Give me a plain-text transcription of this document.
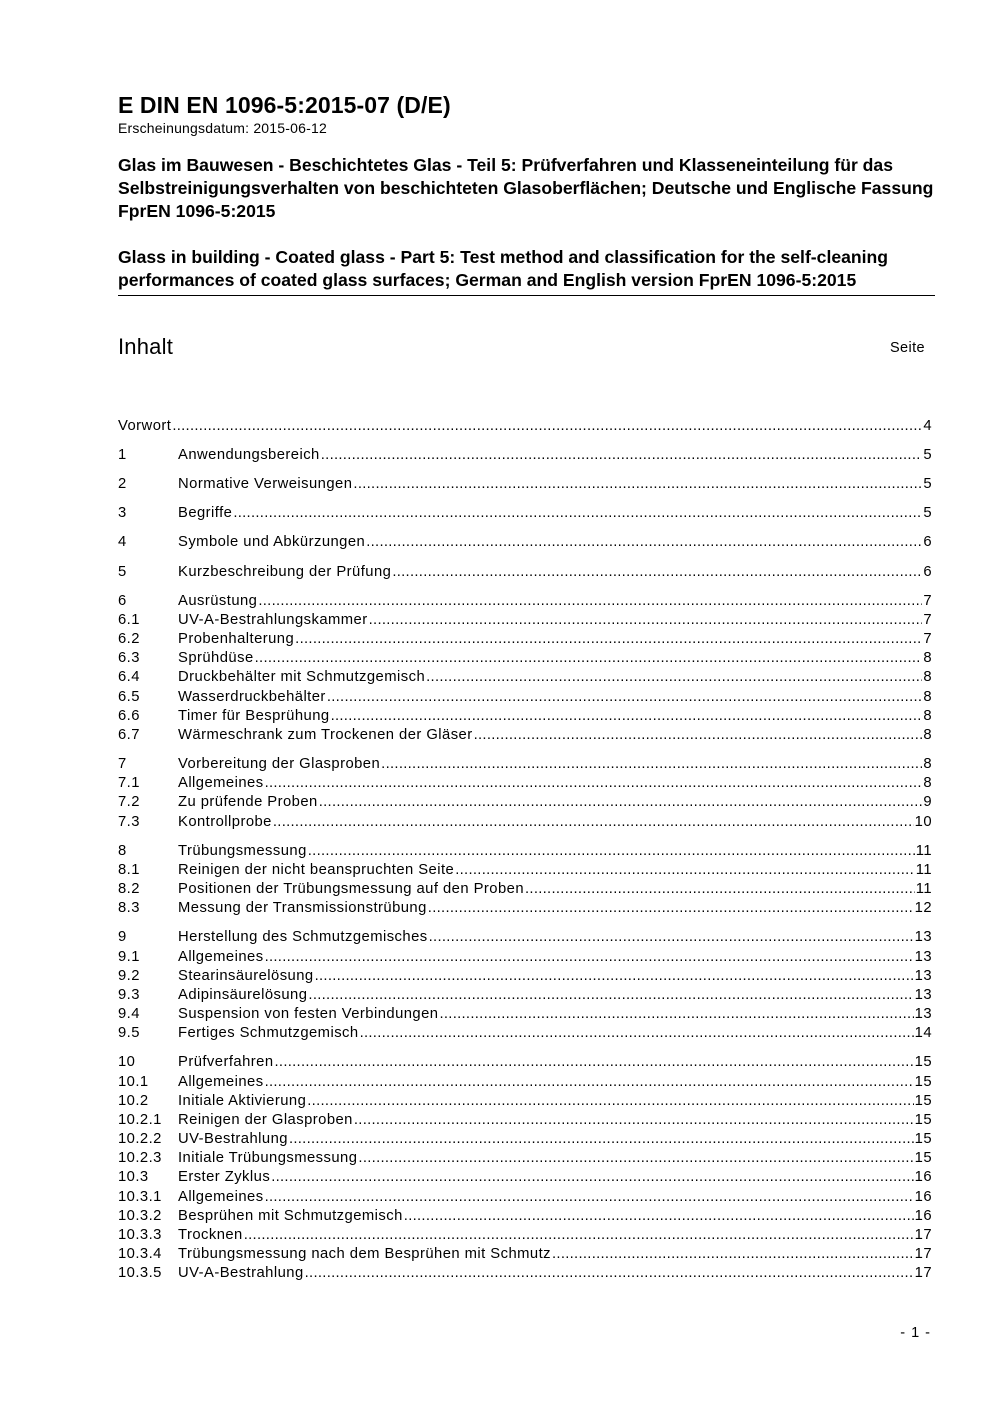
E DIN EN 1096-5:2015-07 (D/E)
Erscheinungsdatum: 2015-06-12

Glas im Bauwesen - Beschichtetes Glas - Teil 5: Prüfverfahren und Klasseneinteilung für das Selbstreinigungsverhalten von beschichteten Glasoberflächen; Deutsche und Englische Fassung FprEN 1096-5:2015

Glass in building - Coated glass - Part 5: Test method and classification for the self-cleaning performances of coated glass surfaces; German and English version FprEN 1096-5:2015

Inhalt	Seite
Vorwort .....	4
1	Anwendungsbereich .....	5
2	Normative Verweisungen .....	5
3	Begriffe .....	5
4	Symbole und Abkürzungen .....	6
5	Kurzbeschreibung der Prüfung .....	6
6	Ausrüstung .....	7
6.1	UV-A-Bestrahlungskammer .....	7
6.2	Probenhalterung .....	7
6.3	Sprühdüse .....	8
6.4	Druckbehälter mit Schmutzgemisch .....	8
6.5	Wasserdruckbehälter .....	8
6.6	Timer für Besprühung .....	8
6.7	Wärmeschrank zum Trockenen der Gläser .....	8
7	Vorbereitung der Glasproben .....	8
7.1	Allgemeines .....	8
7.2	Zu prüfende Proben .....	9
7.3	Kontrollprobe .....	10
8	Trübungsmessung .....	11
8.1	Reinigen der nicht beanspruchten Seite .....	11
8.2	Positionen der Trübungsmessung auf den Proben .....	11
8.3	Messung der Transmissionstrübung .....	12
9	Herstellung des Schmutzgemisches .....	13
9.1	Allgemeines .....	13
9.2	Stearinsäurelösung .....	13
9.3	Adipinsäurelösung .....	13
9.4	Suspension von festen Verbindungen .....	13
9.5	Fertiges Schmutzgemisch .....	14
10	Prüfverfahren .....	15
10.1	Allgemeines .....	15
10.2	Initiale Aktivierung .....	15
10.2.1	Reinigen der Glasproben .....	15
10.2.2	UV-Bestrahlung .....	15
10.2.3	Initiale Trübungsmessung .....	15
10.3	Erster Zyklus .....	16
10.3.1	Allgemeines .....	16
10.3.2	Besprühen mit Schmutzgemisch .....	16
10.3.3	Trocknen .....	17
10.3.4	Trübungsmessung nach dem Besprühen mit Schmutz .....	17
10.3.5	UV-A-Bestrahlung .....	17
- 1 -
